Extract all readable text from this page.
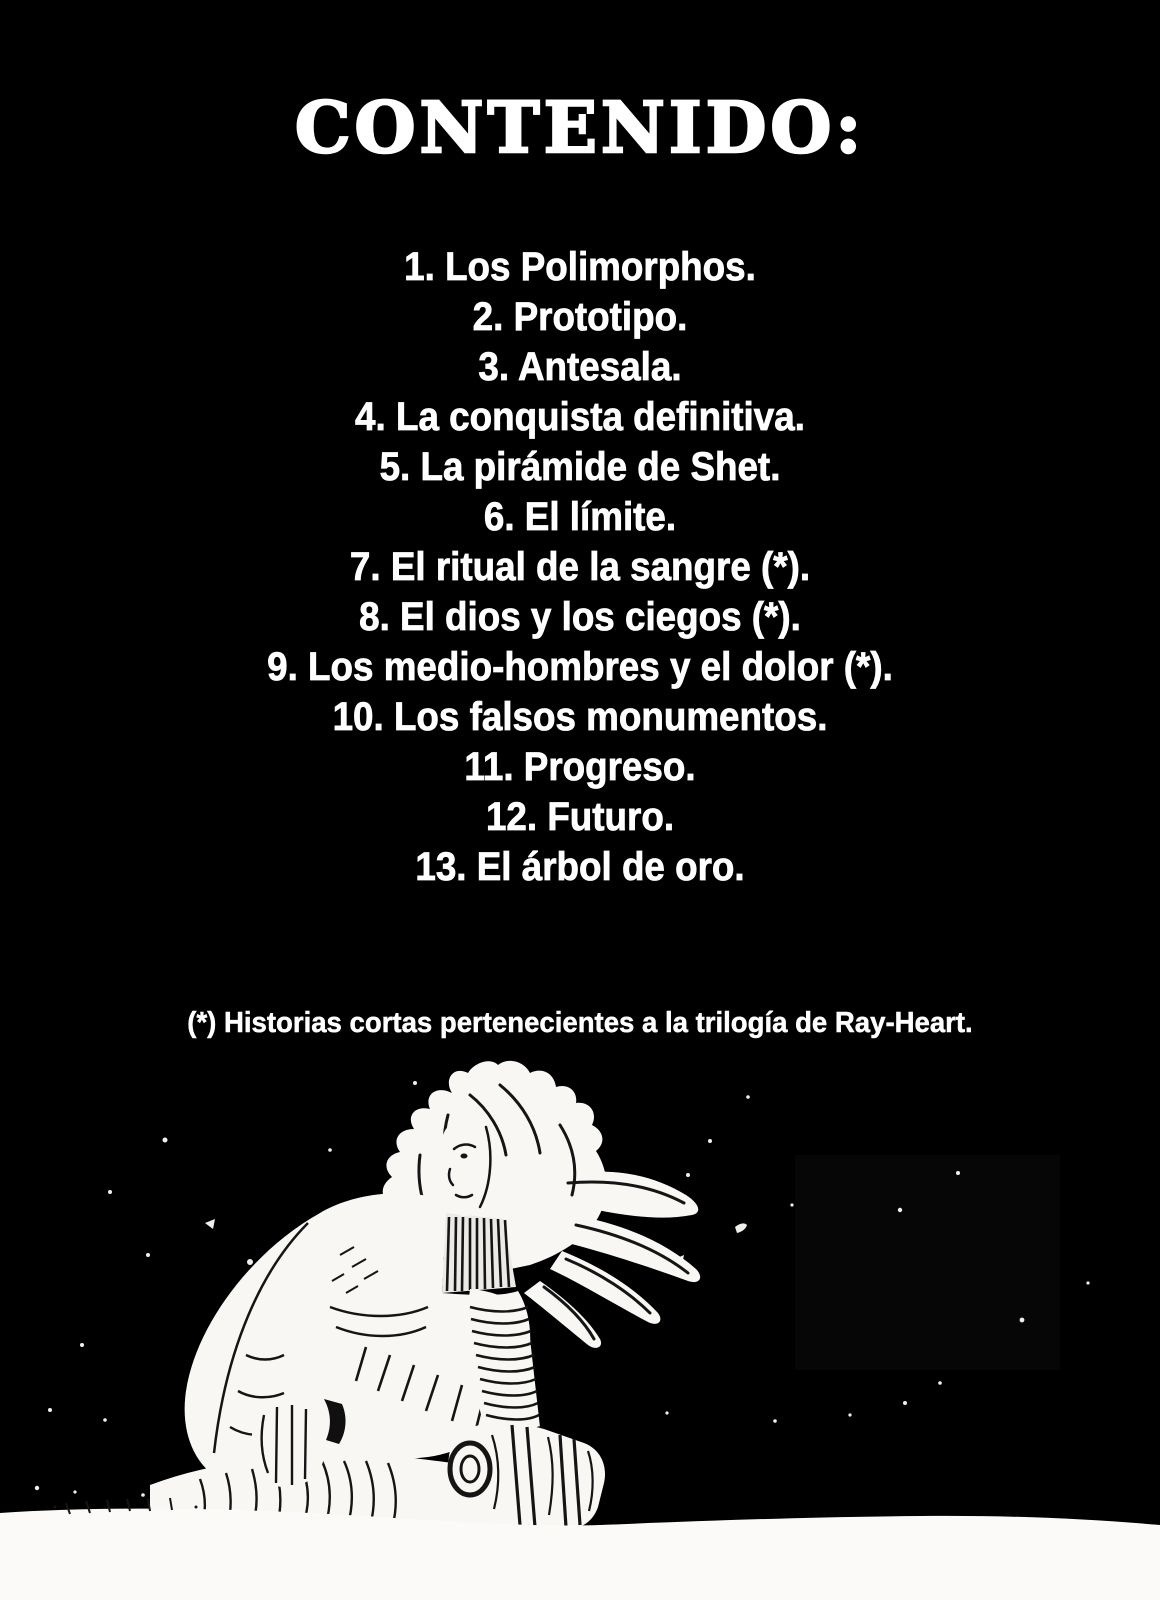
CONTENIDO:
1. Los Polimorphos.
2. Prototipo.
3. Antesala.
4. La conquista definitiva.
5. La pirámide de Shet.
6. El límite.
7. El ritual de la sangre (*).
8. El dios y los ciegos (*).
9. Los medio-hombres y el dolor (*).
10. Los falsos monumentos.
11. Progreso.
12. Futuro.
13. El árbol de oro.

(*) Historias cortas pertenecientes a la trilogía de Ray-Heart.
